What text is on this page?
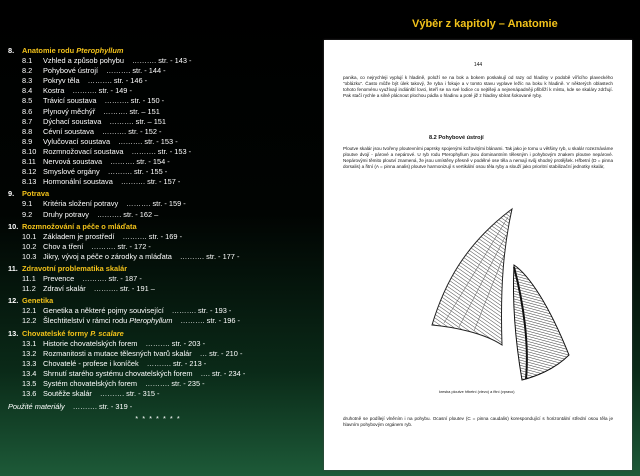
Výběr z kapitoly – Anatomie
8. Anatomie rodu Pterophyllum
8.1 Vzhled a způsob pohybu ………. str. - 143 -
8.2 Pohybové ústrojí ………. str. - 144 -
8.3 Pokryv těla ………. str. - 146 -
8.4 Kostra ………. str. - 149 -
8.5 Trávicí soustava ………. str. - 150 -
8.6 Plynový měchýř ………. str. – 151
8.7 Dýchací soustava ………. str. – 151
8.8 Cévní soustava ………. str. - 152 -
8.9 Vylučovací soustava ………. str. - 153 -
8.10 Rozmnožovací soustava ………. str. - 153 -
8.11 Nervová soustava ………. str. - 154 -
8.12 Smyslové orgány ………. str. - 155 -
8.13 Hormonální soustava ………. str. - 157 -
9. Potrava
9.1 Kritéria složení potravy ………. str. - 159 -
9.2 Druhy potravy ………. str. - 162 –
10. Rozmnožování a péče o mláďata
10.1 Základem je prostředí ………. str. - 169 -
10.2 Chov a tření ………. str. - 172 -
10.3 Jikry, vývoj a péče o zárodky a mláďata ………. str. - 177 -
11. Zdravotní problematika skalár
11.1 Prevence ………. str. - 187 -
11.2 Zdraví skalár ………. str. - 191 –
12. Genetika
12.1 Genetika a některé pojmy související ………. str. - 193 -
12.2 Šlechtitelství v rámci rodu Pterophyllum ………. str. - 196 -
13. Chovatelské formy P. scalare
13.1 Historie chovatelských forem ………. str. - 203 -
13.2 Rozmanitosti a mutace tělesných tvarů skalár … str. - 210 -
13.3 Chovatelé - profese i koníček ………. str. - 213 -
13.4 Shrnutí starého systému chovatelských forem …. str. - 234 -
13.5 Systém chovatelských forem ………. str. - 235 -
13.6 Soutěže skalár ………. str. - 315 -
Použité materiály ………. str. - 319 -
* * * * * * *
144
panika, co nejrychleji vyplují k hladině, položí se na bok a bokem poskakují od razy od hladiny v podobě vířícího plaveckého "oblázku". Často může být úlek takový, že ryba i fokuje a v tomto stavu vyplave ležíc na boku k hladině. V některých oblastech tohoto fenoménu využívají indiánští lovci, kteří se na své lodice co nejtišeji a nejnenápadněji přiblíží k místu, kde se skaláry zdržují. Pak stačí rychle a silně plácnout plochou pádla o hladinu a poté již z hladiny sbírat šokované ryby.
8.2 Pohybové ústrojí
Ploutve skalár jsou tvořeny ploutevními paprsky spojenými kožovitými blánami. Tak jako je tomu u většiny ryb, u skalár rozeznáváme ploutve dvojí - párové a nepárové. U ryb rodu Pterophyllum jsou dominantním tělesným i pohybovým znakem ploutve nepárové. Nepárovými těmito ploutví znamená, že jsou umístěny přesně v podélné ose těla a nemají svůj shodný protějšek. Hřbetní (D = pinna dorsalis) a řitní (A = pinna analis) ploutve harmonizují s vertikální osou těla ryby a slouží jako prioritní stabilizační jednotky skalár,
kresba ploutve hřbetní (vlevo) a řitní (vpravo)
druhotně se podílejí vlněním i na pohybu. Ocasní ploutev (C = pinna caudalis) korespondující s horizontální střední osou těla je hlavním pohybovým orgánem ryb.
